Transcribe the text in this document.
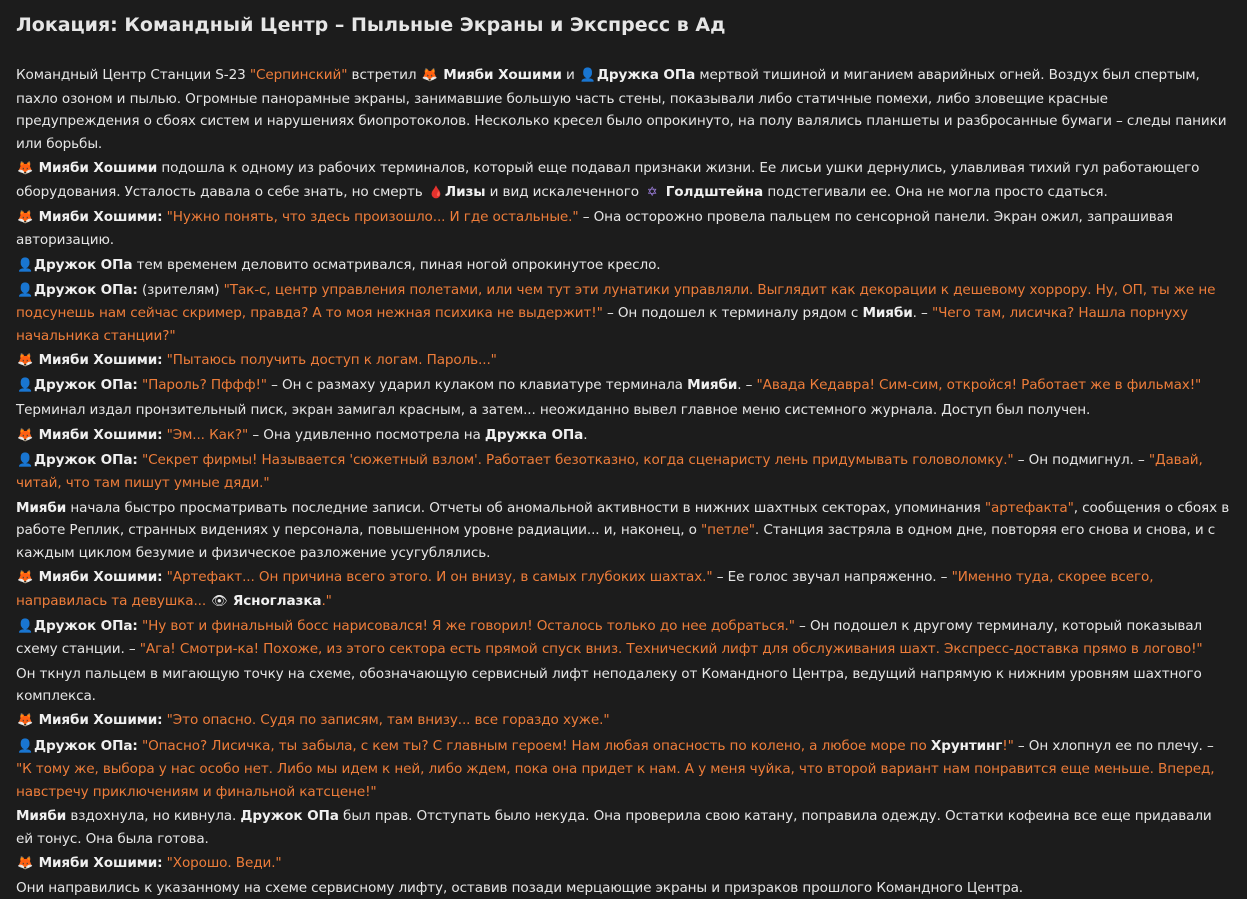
Локация: Командный Центр – Пыльные Экраны и Экспресс в Ад

Командный Центр Станции S-23 "Серпинский" встретил 🦊 Мияби Хошими и 👤Дружка ОПа мертвой тишиной и миганием аварийных огней. Воздух был спертым, пахло озоном и пылью. Огромные панорамные экраны, занимавшие большую часть стены, показывали либо статичные помехи, либо зловещие красные предупреждения о сбоях систем и нарушениях биопротоколов. Несколько кресел было опрокинуто, на полу валялись планшеты и разбросанные бумаги – следы паники или борьбы.

🦊 Мияби Хошими подошла к одному из рабочих терминалов, который еще подавал признаки жизни. Ее лисьи ушки дернулись, улавливая тихий гул работающего оборудования. Усталость давала о себе знать, но смерть 🩸 Лизы и вид искалеченного ✡ Голдштейна подстегивали ее. Она не могла просто сдаться.

🦊 Мияби Хошими: "Нужно понять, что здесь произошло... И где остальные." – Она осторожно провела пальцем по сенсорной панели. Экран ожил, запрашивая авторизацию.

👤Дружок ОПа тем временем деловито осматривался, пиная ногой опрокинутое кресло.

👤Дружок ОПа: (зрителям) "Так-с, центр управления полетами, или чем тут эти лунатики управляли. Выглядит как декорации к дешевому хоррору. Ну, ОП, ты же не подсунешь нам сейчас скример, правда? А то моя нежная психика не выдержит!" – Он подошел к терминалу рядом с Мияби. – "Чего там, лисичка? Нашла порнуху начальника станции?"

🦊 Мияби Хошими: "Пытаюсь получить доступ к логам. Пароль..."

👤Дружок ОПа: "Пароль? Пффф!" – Он с размаху ударил кулаком по клавиатуре терминала Мияби. – "Авада Кедавра! Сим-сим, откройся! Работает же в фильмах!"

Терминал издал пронзительный писк, экран замигал красным, а затем... неожиданно вывел главное меню системного журнала. Доступ был получен.

🦊 Мияби Хошими: "Эм... Как?" – Она удивленно посмотрела на Дружка ОПа.

👤Дружок ОПа: "Секрет фирмы! Называется 'сюжетный взлом'. Работает безотказно, когда сценаристу лень придумывать головоломку." – Он подмигнул. – "Давай, читай, что там пишут умные дяди."

Мияби начала быстро просматривать последние записи. Отчеты об аномальной активности в нижних шахтных секторах, упоминания "артефакта", сообщения о сбоях в работе Реплик, странных видениях у персонала, повышенном уровне радиации... и, наконец, о "петле". Станция застряла в одном дне, повторяя его снова и снова, и с каждым циклом безумие и физическое разложение усугублялись.

🦊 Мияби Хошими: "Артефакт... Он причина всего этого. И он внизу, в самых глубоких шахтах." – Ее голос звучал напряженно. – "Именно туда, скорее всего, направилась та девушка... 👁 Ясноглазка."

👤Дружок ОПа: "Ну вот и финальный босс нарисовался! Я же говорил! Осталось только до нее добраться." – Он подошел к другому терминалу, который показывал схему станции. – "Ага! Смотри-ка! Похоже, из этого сектора есть прямой спуск вниз. Технический лифт для обслуживания шахт. Экспресс-доставка прямо в логово!"

Он ткнул пальцем в мигающую точку на схеме, обозначающую сервисный лифт неподалеку от Командного Центра, ведущий напрямую к нижним уровням шахтного комплекса.

🦊 Мияби Хошими: "Это опасно. Судя по записям, там внизу... все гораздо хуже."

👤Дружок ОПа: "Опасно? Лисичка, ты забыла, с кем ты? С главным героем! Нам любая опасность по колено, а любое море по Хрунтинг!" – Он хлопнул ее по плечу. – "К тому же, выбора у нас особо нет. Либо мы идем к ней, либо ждем, пока она придет к нам. А у меня чуйка, что второй вариант нам понравится еще меньше. Вперед, навстречу приключениям и финальной катсцене!"

Мияби вздохнула, но кивнула. Дружок ОПа был прав. Отступать было некуда. Она проверила свою катану, поправила одежду. Остатки кофеина все еще придавали ей тонус. Она была готова.

🦊 Мияби Хошими: "Хорошо. Веди."

Они направились к указанному на схеме сервисному лифту, оставив позади мерцающие экраны и призраков прошлого Командного Центра.
